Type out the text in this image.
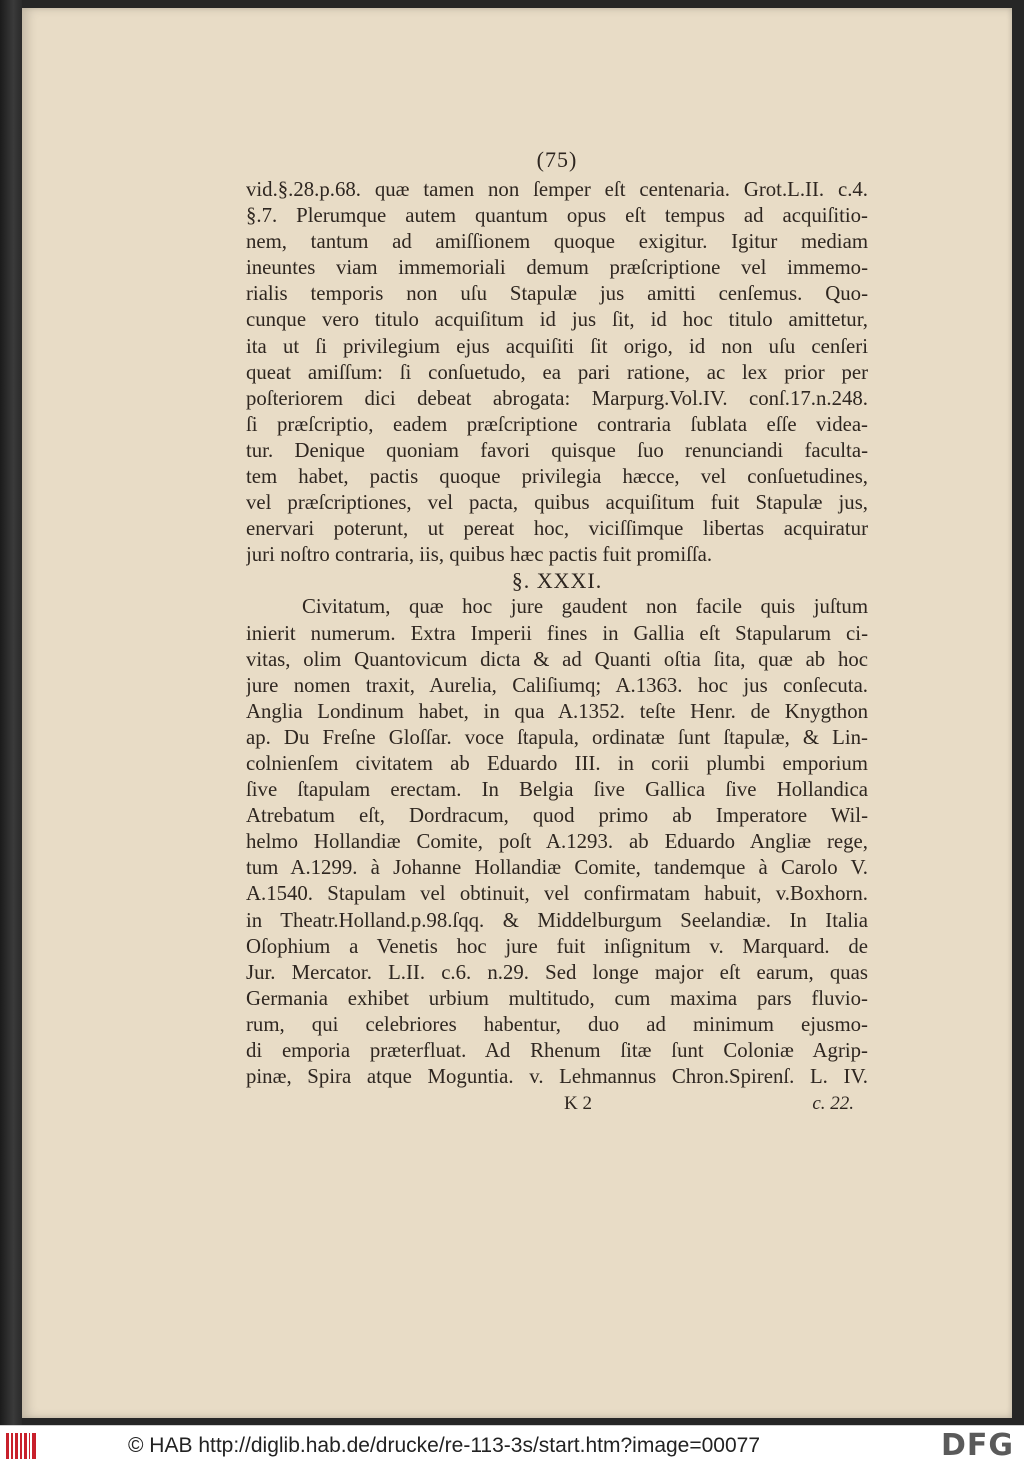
(75)
vid.§.28.p.68. quæ tamen non ſemper eſt centenaria. Grot.L.II. c.4.
§.7. Plerumque autem quantum opus eſt tempus ad acquiſitio-
nem, tantum ad amiſſionem quoque exigitur. Igitur mediam
ineuntes viam immemoriali demum præſcriptione vel immemo-
rialis temporis non uſu Stapulæ jus amitti cenſemus. Quo-
cunque vero titulo acquiſitum id jus ſit, id hoc titulo amittetur,
ita ut ſi privilegium ejus acquiſiti ſit origo, id non uſu cenſeri
queat amiſſum: ſi conſuetudo, ea pari ratione, ac lex prior per
poſteriorem dici debeat abrogata: Marpurg.Vol.IV. conſ.17.n.248.
ſi præſcriptio, eadem præſcriptione contraria ſublata eſſe videa-
tur. Denique quoniam favori quisque ſuo renunciandi faculta-
tem habet, pactis quoque privilegia hæcce, vel conſuetudines,
vel præſcriptiones, vel pacta, quibus acquiſitum fuit Stapulæ jus,
enervari poterunt, ut pereat hoc, viciſſimque libertas acquiratur
juri noſtro contraria, iis, quibus hæc pactis fuit promiſſa.
§. XXXI.
Civitatum, quæ hoc jure gaudent non facile quis juſtum
inierit numerum. Extra Imperii fines in Gallia eſt Stapularum ci-
vitas, olim Quantovicum dicta & ad Quanti oſtia ſita, quæ ab hoc
jure nomen traxit, Aurelia, Caliſiumq; A.1363. hoc jus conſecuta.
Anglia Londinum habet, in qua A.1352. teſte Henr. de Knygthon
ap. Du Freſne Gloſſar. voce ſtapula, ordinatæ ſunt ſtapulæ, & Lin-
colnienſem civitatem ab Eduardo III. in corii plumbi emporium
ſive ſtapulam erectam. In Belgia ſive Gallica ſive Hollandica
Atrebatum eſt, Dordracum, quod primo ab Imperatore Wil-
helmo Hollandiæ Comite, poſt A.1293. ab Eduardo Angliæ rege,
tum A.1299. à Johanne Hollandiæ Comite, tandemque à Carolo V.
A.1540. Stapulam vel obtinuit, vel confirmatam habuit, v.Boxhorn.
in Theatr.Holland.p.98.ſqq. & Middelburgum Seelandiæ. In Italia
Oſophium a Venetis hoc jure fuit inſignitum v. Marquard. de
Jur. Mercator. L.II. c.6. n.29. Sed longe major eſt earum, quas
Germania exhibet urbium multitudo, cum maxima pars fluvio-
rum, qui celebriores habentur, duo ad minimum ejusmo-
di emporia præterfluat. Ad Rhenum ſitæ ſunt Coloniæ Agrip-
pinæ, Spira atque Moguntia. v. Lehmannus Chron.Spirenſ. L. IV.
K 2	c. 22.
© HAB http://diglib.hab.de/drucke/re-113-3s/start.htm?image=00077	DFG
